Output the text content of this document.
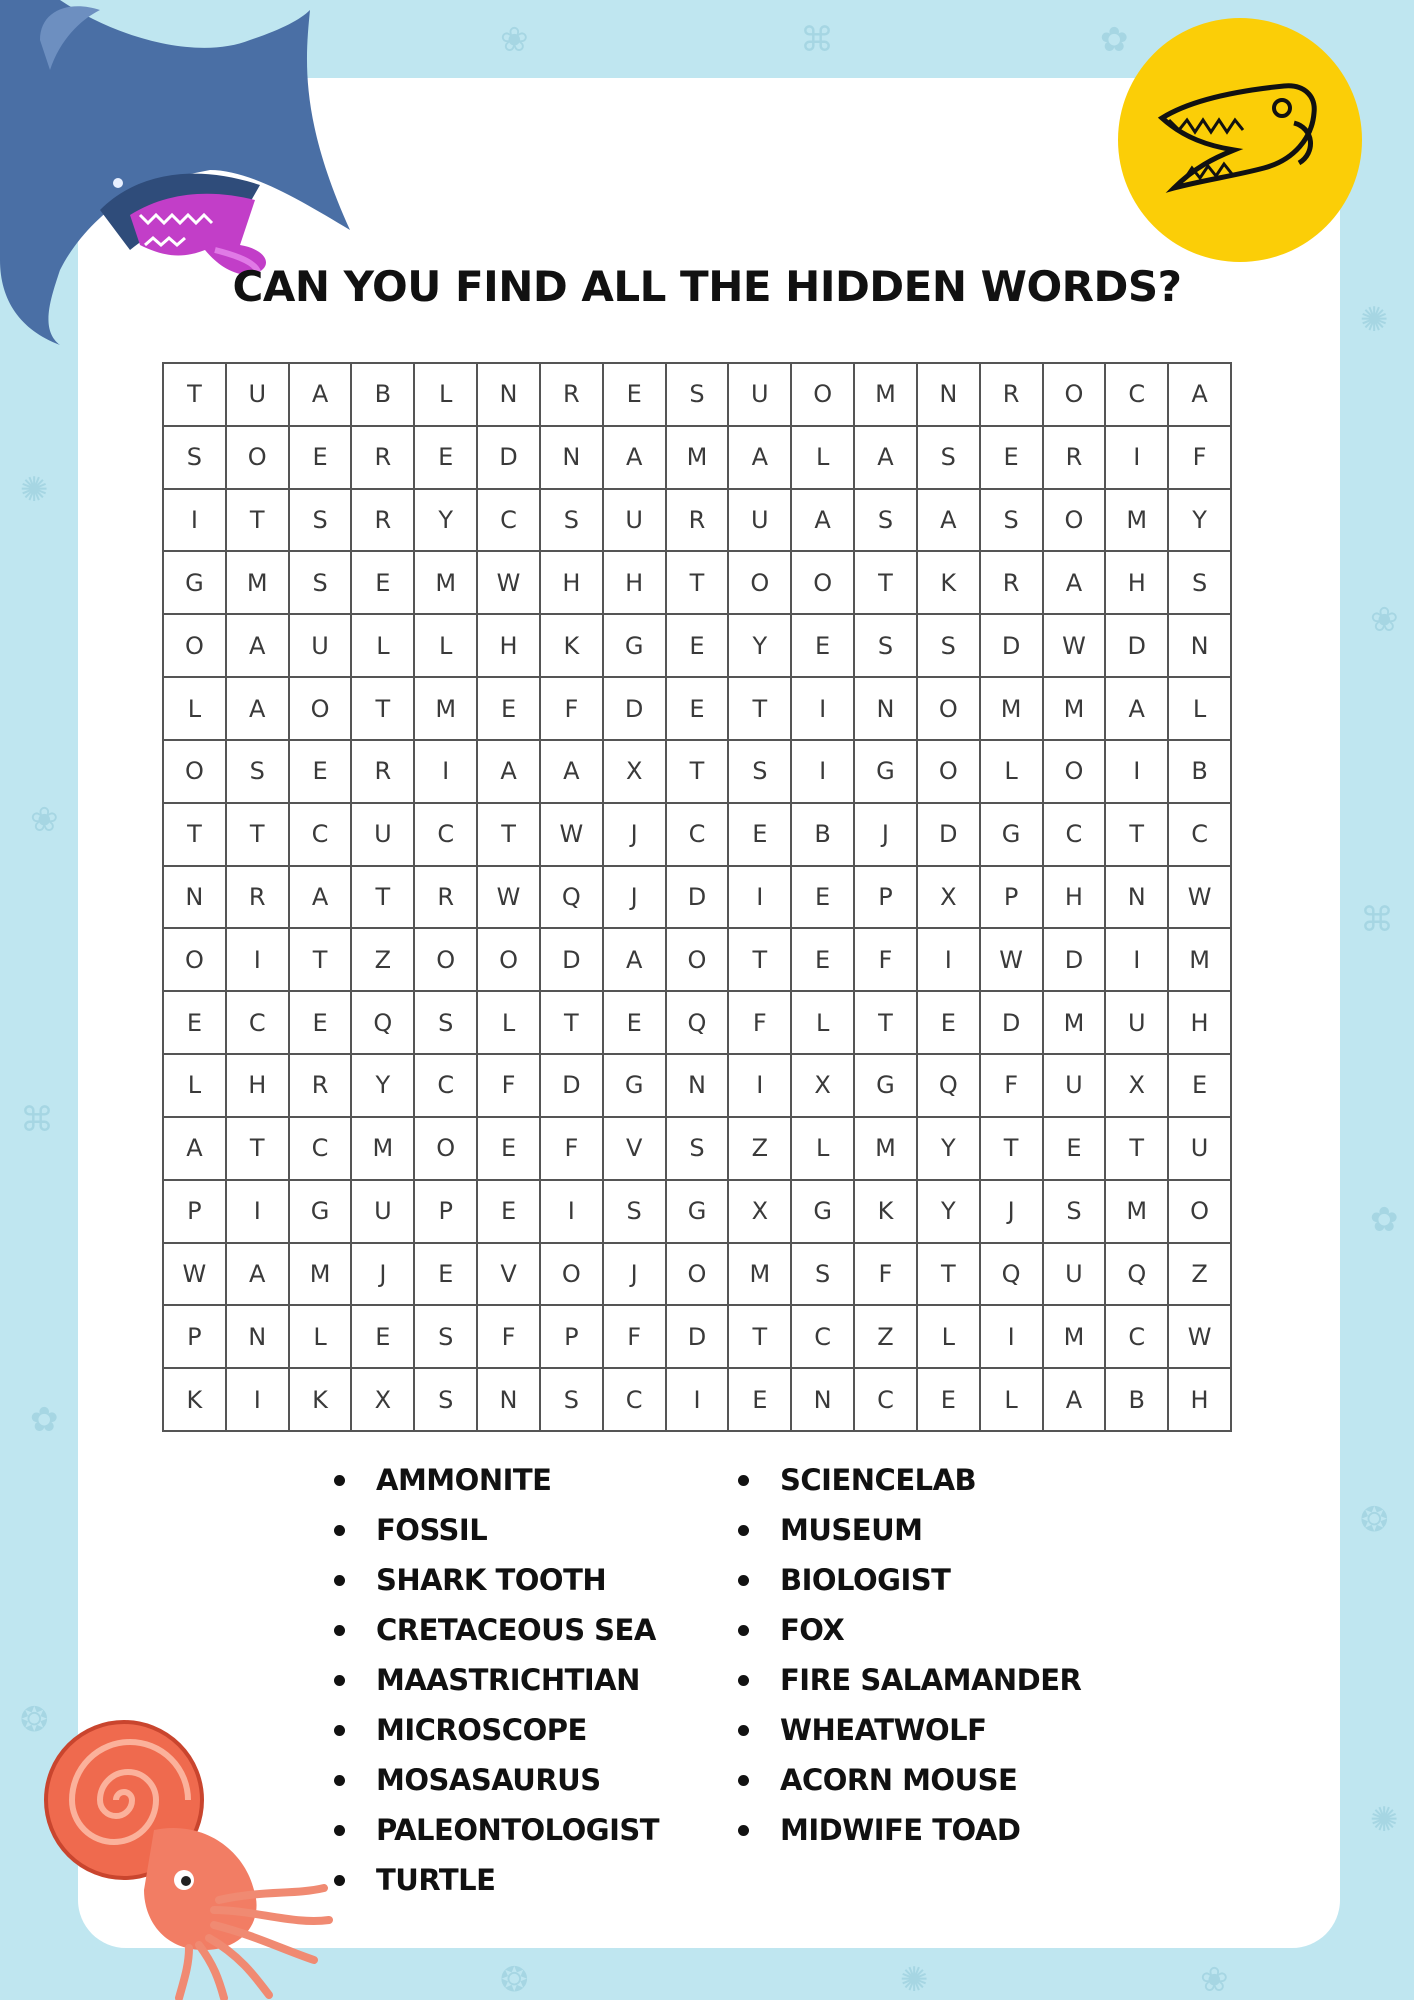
✺
❀
⌘
✿
❂
✺
❀
⌘
✿
❂
✺
❀	⌘	✿
❂	✺	❀
CAN YOU FIND ALL THE HIDDEN WORDS?
T	U	A	B	L	N	R	E	S	U	O	M	N	R	O	C	A
S	O	E	R	E	D	N	A	M	A	L	A	S	E	R	I	F
I	T	S	R	Y	C	S	U	R	U	A	S	A	S	O	M	Y
G	M	S	E	M	W	H	H	T	O	O	T	K	R	A	H	S
O	A	U	L	L	H	K	G	E	Y	E	S	S	D	W	D	N
L	A	O	T	M	E	F	D	E	T	I	N	O	M	M	A	L
O	S	E	R	I	A	A	X	T	S	I	G	O	L	O	I	B
T	T	C	U	C	T	W	J	C	E	B	J	D	G	C	T	C
N	R	A	T	R	W	Q	J	D	I	E	P	X	P	H	N	W
O	I	T	Z	O	O	D	A	O	T	E	F	I	W	D	I	M
E	C	E	Q	S	L	T	E	Q	F	L	T	E	D	M	U	H
L	H	R	Y	C	F	D	G	N	I	X	G	Q	F	U	X	E
A	T	C	M	O	E	F	V	S	Z	L	M	Y	T	E	T	U
P	I	G	U	P	E	I	S	G	X	G	K	Y	J	S	M	O
W	A	M	J	E	V	O	J	O	M	S	F	T	Q	U	Q	Z
P	N	L	E	S	F	P	F	D	T	C	Z	L	I	M	C	W
K	I	K	X	S	N	S	C	I	E	N	C	E	L	A	B	H
AMMONITE
FOSSIL
SHARK TOOTH
CRETACEOUS SEA
MAASTRICHTIAN
MICROSCOPE
MOSASAURUS
PALEONTOLOGIST
TURTLE
SCIENCELAB
MUSEUM
BIOLOGIST
FOX
FIRE SALAMANDER
WHEATWOLF
ACORN MOUSE
MIDWIFE TOAD
